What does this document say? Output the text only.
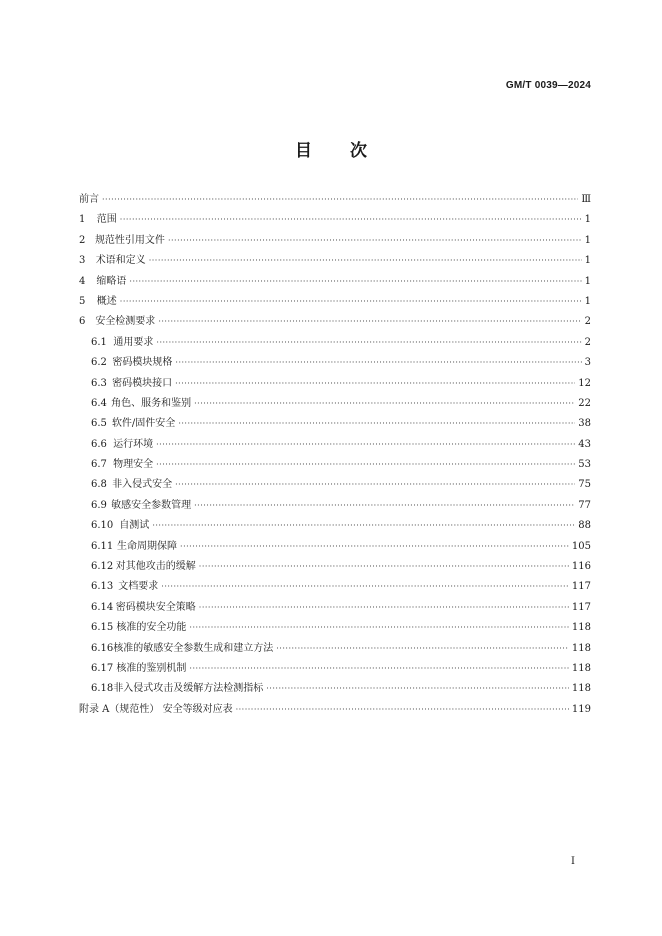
GM/T 0039—2024
目 次
前言 ·····	Ⅲ
1	范围 ·····	1
2 规范性引用文件 ·····	1
3	术语和定义 ·····	1
4	缩略语 ·····	1
5	概述 ·····	1
6 安全检测要求 ·····	2
6.1 通用要求 ·····	2
6.2 密码模块规格 ·····	3
6.3 密码模块接口 ·····	12
6.4 角色、服务和鉴别 ·····	22
6.5 软件/固件安全 ·····	38
6.6 运行环境 ·····	43
6.7 物理安全 ·····	53
6.8 非入侵式安全 ·····	75
6.9 敏感安全参数管理 ·····	77
6.10 自测试 ·····	88
6.11 生命周期保障 ·····	105
6.12 对其他攻击的缓解 ·····	116
6.13 文档要求 ·····	117
6.14 密码模块安全策略 ·····	117
6.15 核准的安全功能 ·····	118
6.16 核准的敏感安全参数生成和建立方法 ·····	118
6.17 核准的鉴别机制 ·····	118
6.18 非入侵式攻击及缓解方法检测指标 ·····	118
附录 A（规范性） 安全等级对应表 ·····	119
I
